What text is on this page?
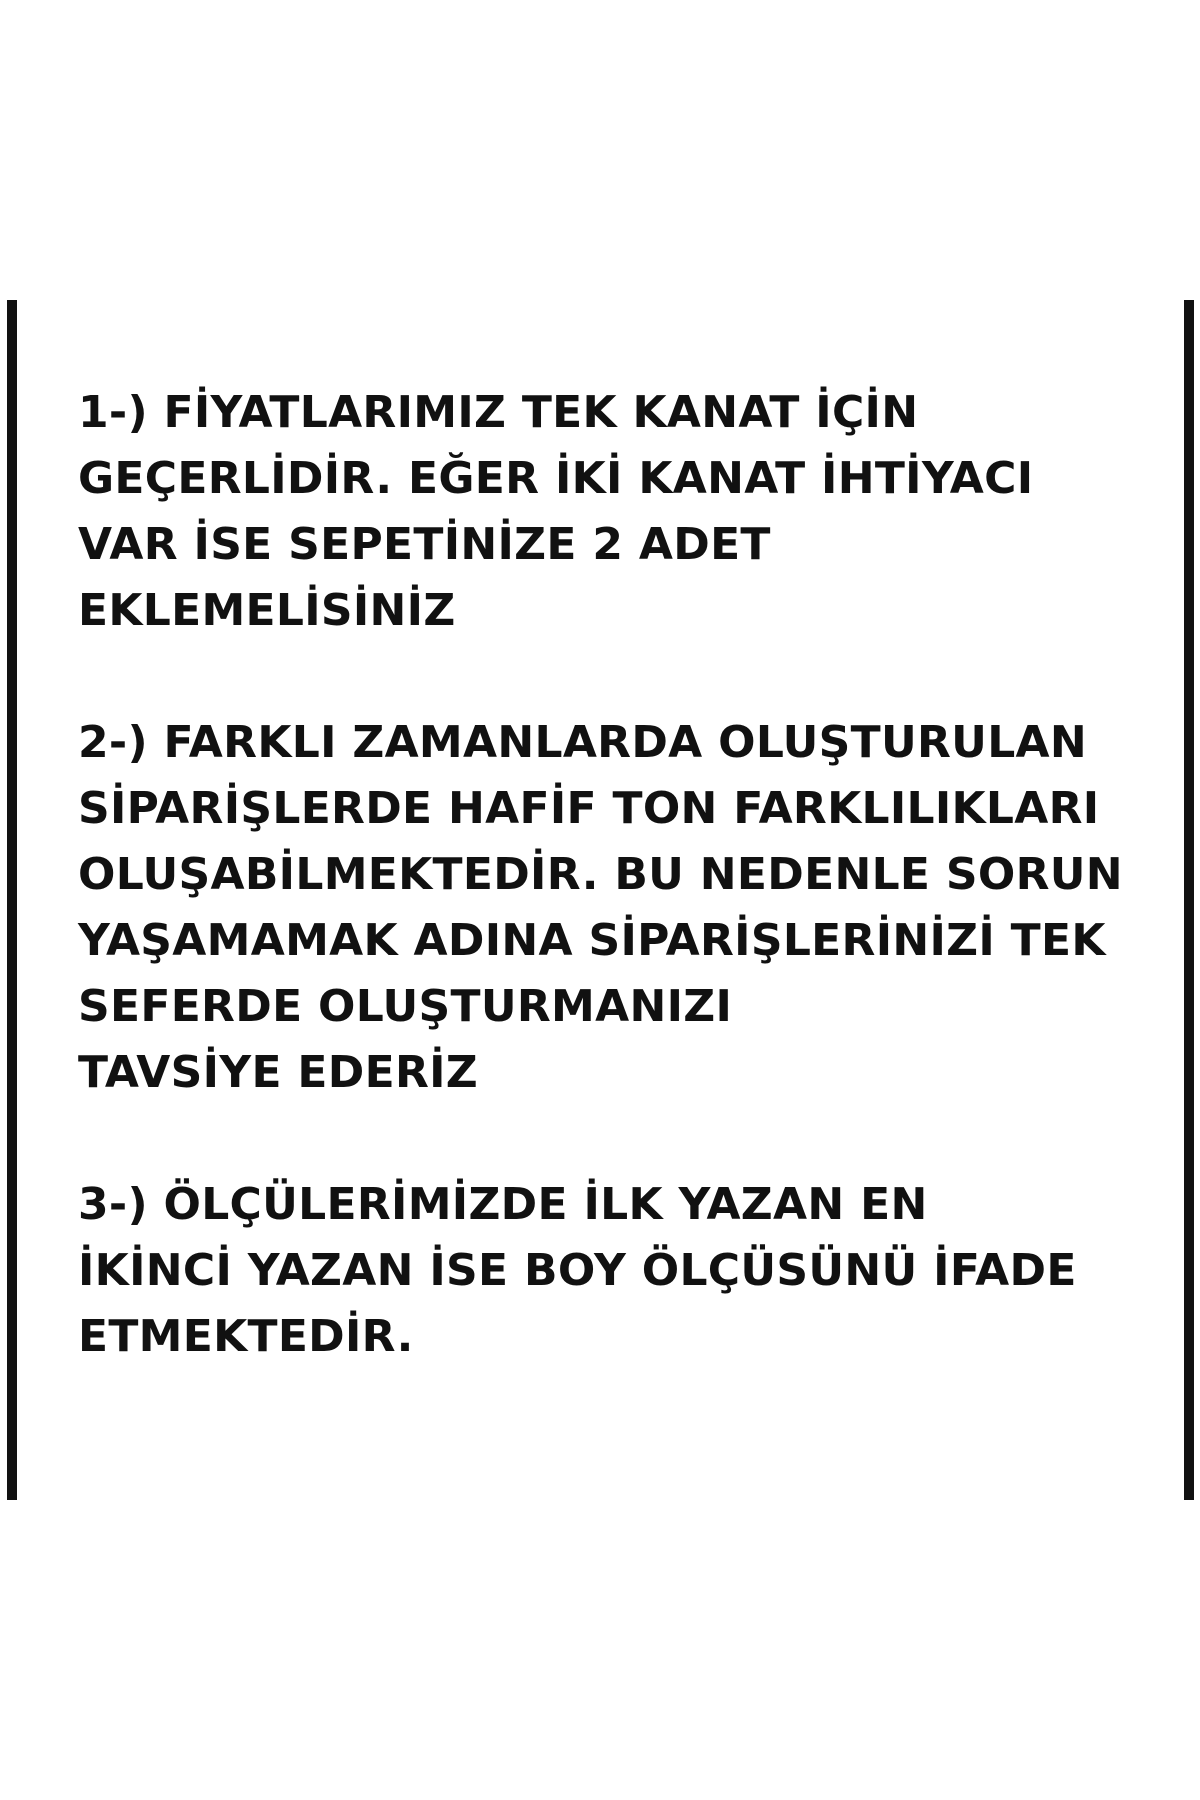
1-) FİYATLARIMIZ TEK KANAT İÇİN
GEÇERLİDİR. EĞER İKİ KANAT İHTİYACI
VAR İSE SEPETİNİZE 2 ADET
EKLEMELİSİNİZ
2-) FARKLI ZAMANLARDA OLUŞTURULAN
SİPARİŞLERDE HAFİF TON FARKLILIKLARI
OLUŞABİLMEKTEDİR. BU NEDENLE SORUN
YAŞAMAMAK ADINA SİPARİŞLERİNİZİ TEK
SEFERDE OLUŞTURMANIZI
TAVSİYE EDERİZ
3-) ÖLÇÜLERİMİZDE İLK YAZAN EN
İKİNCİ YAZAN İSE BOY ÖLÇÜSÜNÜ İFADE
ETMEKTEDİR.
